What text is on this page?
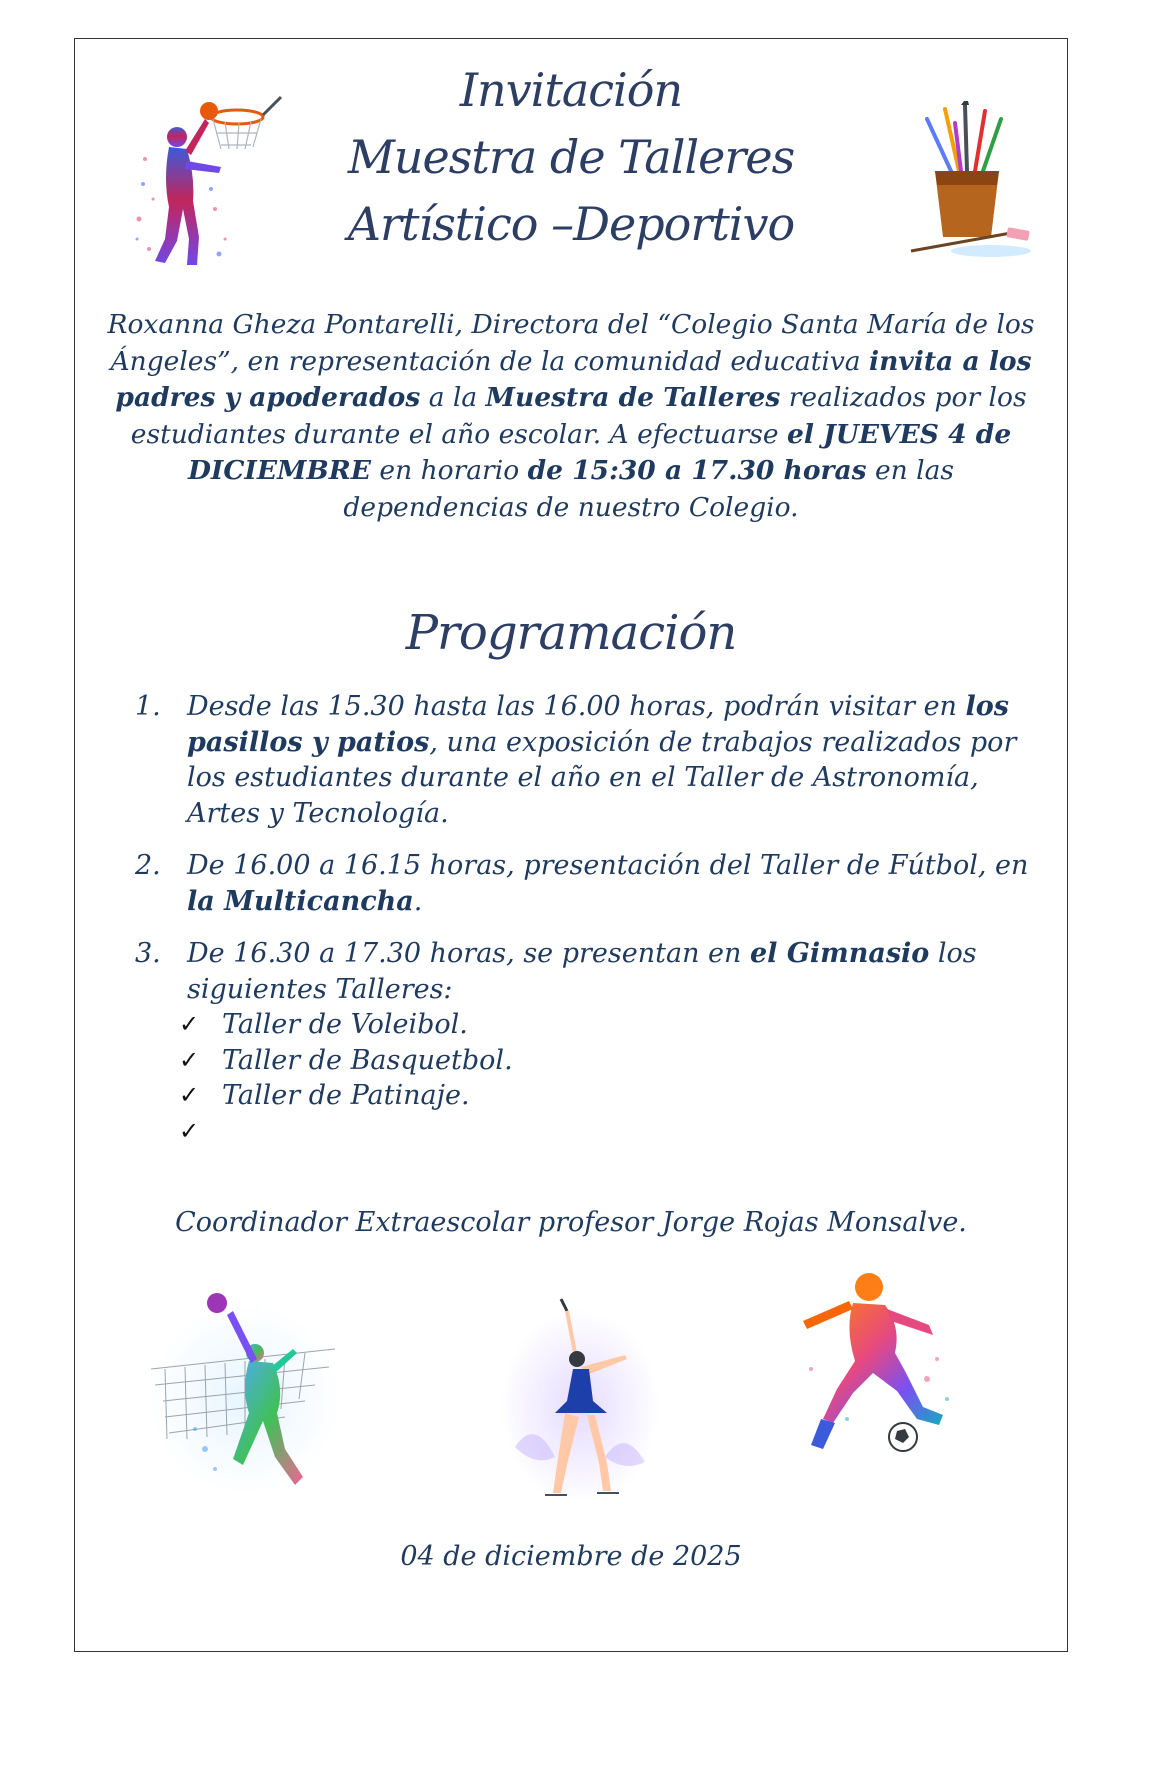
Invitación
Muestra de Talleres
Artístico –Deportivo
Roxanna Gheza Pontarelli, Directora del “Colegio Santa María de los Ángeles”, en representación de la comunidad educativa invita a los padres y apoderados a la Muestra de Talleres realizados por los estudiantes durante el año escolar. A efectuarse el JUEVES 4 de DICIEMBRE en horario de 15:30 a 17.30 horas en las dependencias de nuestro Colegio.
Programación
1. Desde las 15.30 hasta las 16.00 horas, podrán visitar en los pasillos y patios, una exposición de trabajos realizados por los estudiantes durante el año en el Taller de Astronomía, Artes y Tecnología.
2. De 16.00 a 16.15 horas, presentación del Taller de Fútbol, en la Multicancha.
3. De 16.30 a 17.30 horas, se presentan en el Gimnasio los siguientes Talleres:
✓ Taller de Voleibol.
✓ Taller de Basquetbol.
✓ Taller de Patinaje.
✓
Coordinador Extraescolar profesor Jorge Rojas Monsalve.
04 de diciembre de 2025
